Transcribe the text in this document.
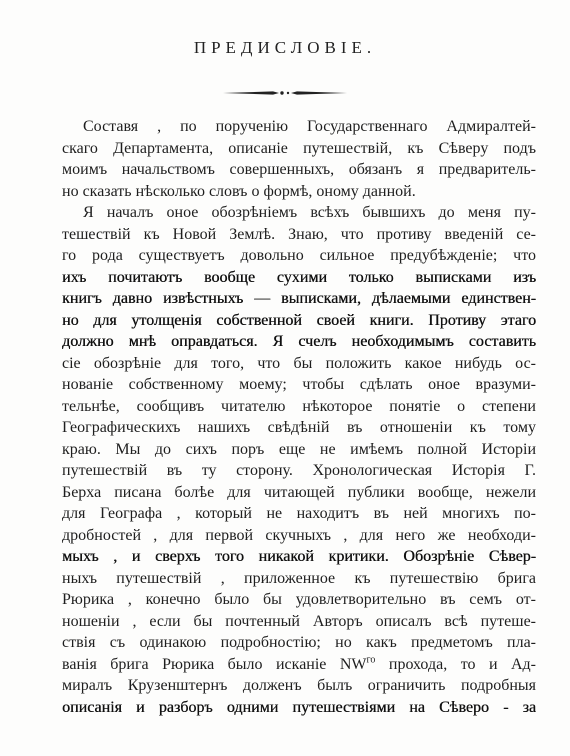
ПРЕДИСЛОВІЕ.
Составя , по порученію Государственнаго Адмиралтей-
скаго Департамента, описаніе путешествій, къ Сѣверу подъ
моимъ начальствомъ совершенныхъ, обязанъ я предваритель-
но сказать нѣсколько словъ о формѣ, оному данной.
Я началъ оное обозрѣніемъ всѣхъ бывшихъ до меня пу-
тешествій къ Новой Землѣ. Знаю, что противу введеній се-
го рода существуетъ довольно сильное предубѣжденіе; что
ихъ почитаютъ вообще сухими только выписками изъ
книгъ давно извѣстныхъ — выписками, дѣлаемыми единствен-
но для утолщенія собственной своей книги. Противу этаго
должно мнѣ оправдаться. Я счелъ необходимымъ составить
сіе обозрѣніе для того, что бы положить какое нибудь ос-
нованіе собственному моему; чтобы сдѣлать оное вразуми-
тельнѣе, сообщивъ читателю нѣкоторое понятіе о степени
Географическихъ нашихъ свѣдѣній въ отношеніи къ тому
краю. Мы до сихъ поръ еще не имѣемъ полной Исторіи
путешествій въ ту сторону. Хронологическая Исторія Г.
Берха писана болѣе для читающей публики вообще, нежели
для Географа , который не находитъ въ ней многихъ по-
дробностей , для первой скучныхъ , для него же необходи-
мыхъ , и сверхъ того никакой критики. Обозрѣніе Сѣвер-
ныхъ путешествій , приложенное къ путешествію брига
Рюрика , конечно было бы удовлетворительно въ семъ от-
ношеніи , если бы почтенный Авторъ описалъ всѣ путеше-
ствія съ одинакою подробностію; но какъ предметомъ пла-
ванія брига Рюрика было исканіе $NW^{го}$ прохода, то и Ад-
миралъ Крузенштернъ долженъ былъ ограничить подробныя
описанія и разборъ одними путешествіями на Сѣверо - за
